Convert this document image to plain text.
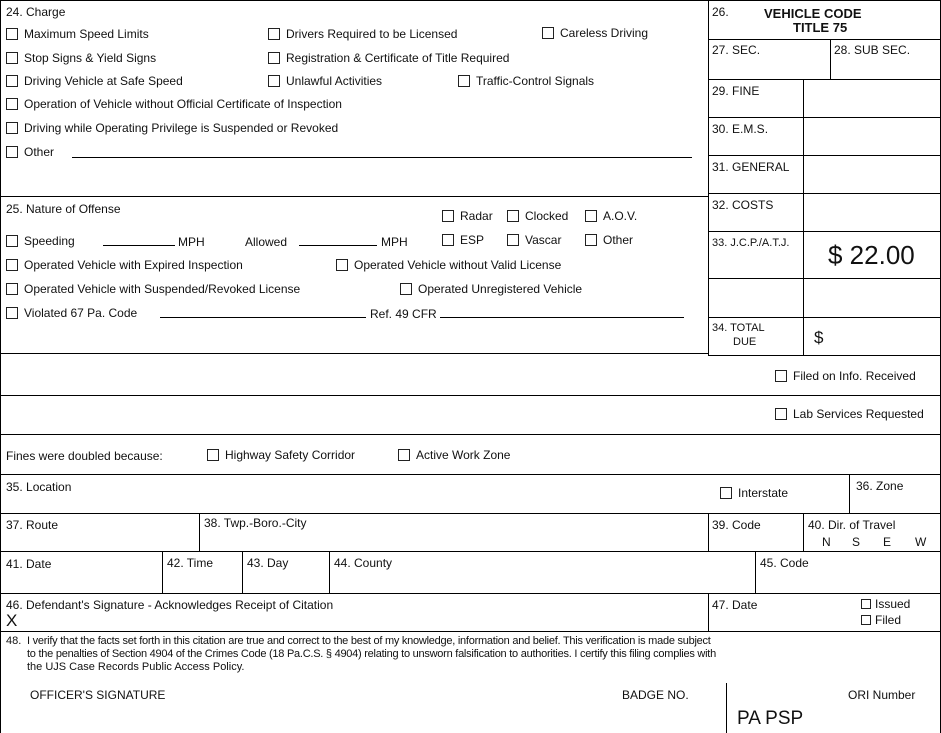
24. Charge
Maximum Speed Limits	Drivers Required to be Licensed	Careless Driving
Stop Signs & Yield Signs	Registration & Certificate of Title Required
Driving Vehicle at Safe Speed	Unlawful Activities	Traffic-Control Signals
Operation of Vehicle without Official Certificate of Inspection
Driving while Operating Privilege is Suspended or Revoked
Other
25. Nature of Offense	Radar	Clocked	A.O.V.
Speeding	MPH	Allowed	MPH	ESP	Vascar	Other
Operated Vehicle with Expired Inspection	Operated Vehicle without Valid License
Operated Vehicle with Suspended/Revoked License	Operated Unregistered Vehicle
Violated 67 Pa. Code	Ref. 49 CFR
26.	VEHICLE CODE
TITLE 75
27. SEC.	28. SUB SEC.
29. FINE
30. E.M.S.
31. GENERAL
32. COSTS
33. J.C.P./A.T.J. $ 22.00
34. TOTAL
DUE	$
Filed on Info. Received
Lab Services Requested
Fines were doubled because:	Highway Safety Corridor	Active Work Zone
35. Location	Interstate	36. Zone
37. Route	38. Twp.-Boro.-City	39. Code	40. Dir. of Travel
N S E W
41. Date	42. Time	43. Day	44. County	45. Code
46. Defendant's Signature - Acknowledges Receipt of Citation
X
47. Date	Issued
Filed
48. I verify that the facts set forth in this citation are true and correct to the best of my knowledge, information and belief. This verification is made subject
to the penalties of Section 4904 of the Crimes Code (18 Pa.C.S. § 4904) relating to unsworn falsification to authorities. I certify this filing complies with
the UJS Case Records Public Access Policy.
OFFICER'S SIGNATURE	BADGE NO.	ORI Number
PA PSP
